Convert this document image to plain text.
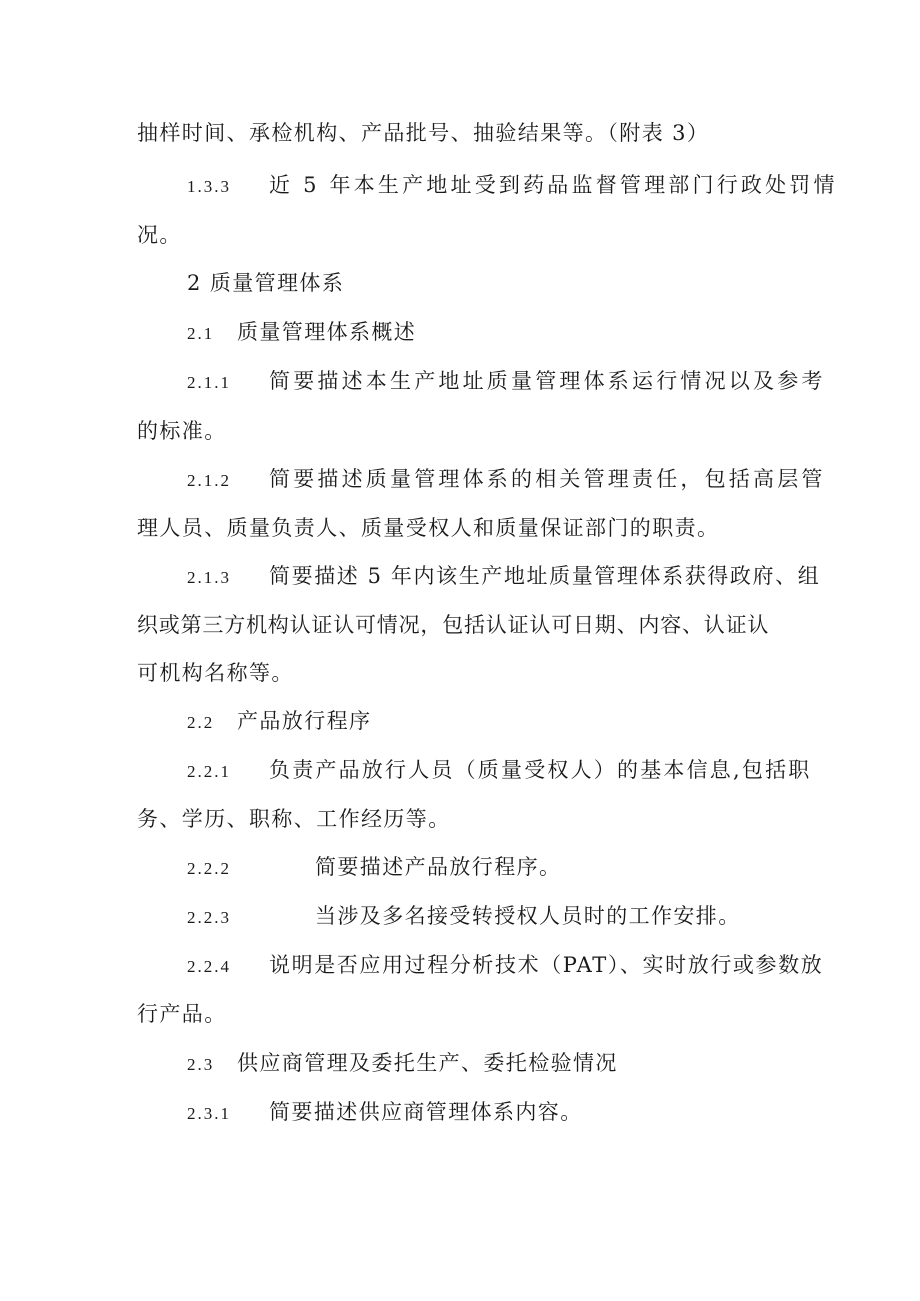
抽样时间、承检机构、产品批号、抽验结果等。（附表 3）
1.3.3 近 5 年本生产地址受到药品监督管理部门行政处罚情
况。
2 质量管理体系
2.1 质量管理体系概述
2.1.1 简要描述本生产地址质量管理体系运行情况以及参考
的标准。
2.1.2 简要描述质量管理体系的相关管理责任，包括高层管
理人员、质量负责人、质量受权人和质量保证部门的职责。
2.1.3 简要描述 5 年内该生产地址质量管理体系获得政府、组
织或第三方机构认证认可情况，包括认证认可日期、内容、认证认
可机构名称等。
2.2 产品放行程序
2.2.1 负责产品放行人员（质量受权人）的基本信息,包括职
务、学历、职称、工作经历等。
2.2.2	简要描述产品放行程序。
2.2.3	当涉及多名接受转授权人员时的工作安排。
2.2.4 说明是否应用过程分析技术（PAT）、实时放行或参数放
行产品。
2.3 供应商管理及委托生产、委托检验情况
2.3.1 简要描述供应商管理体系内容。
